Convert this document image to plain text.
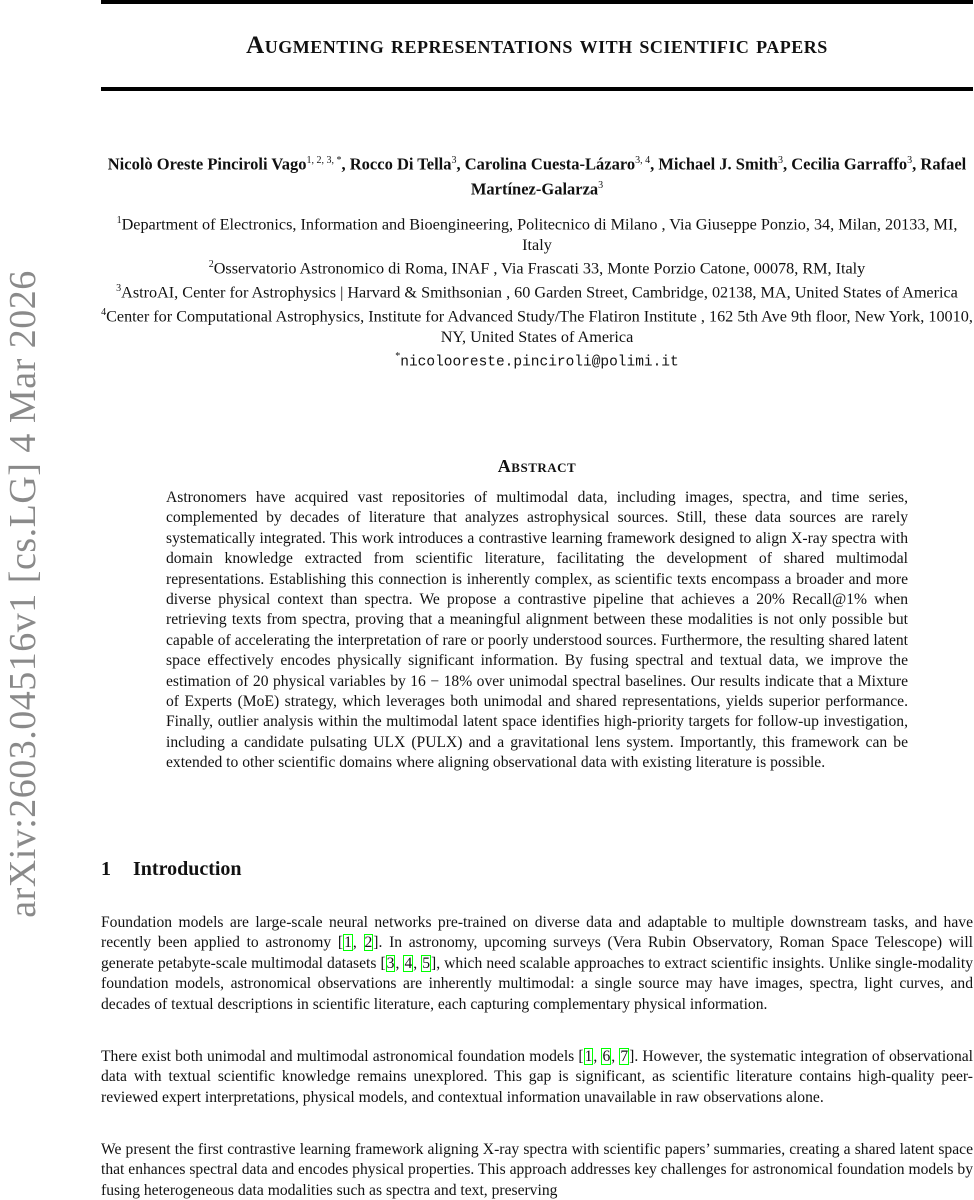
arXiv:2603.04516v1 [cs.LG] 4 Mar 2026
Augmenting representations with scientific papers
Nicolò Oreste Pinciroli Vago$^{1, 2, 3, *}$, Rocco Di Tella$^3$, Carolina Cuesta-Lázaro$^{3, 4}$, Michael J. Smith$^3$, Cecilia Garraffo$^3$, Rafael Martínez-Galarza$^3$
$^1$Department of Electronics, Information and Bioengineering, Politecnico di Milano , Via Giuseppe Ponzio, 34, Milan, 20133, MI, Italy
$^2$Osservatorio Astronomico di Roma, INAF , Via Frascati 33, Monte Porzio Catone, 00078, RM, Italy
$^3$AstroAI, Center for Astrophysics | Harvard & Smithsonian , 60 Garden Street, Cambridge, 02138, MA, United States of America
$^4$Center for Computational Astrophysics, Institute for Advanced Study/The Flatiron Institute , 162 5th Ave 9th floor, New York, 10010, NY, United States of America
*nicolooreste.pinciroli@polimi.it
Abstract
Astronomers have acquired vast repositories of multimodal data, including images, spectra, and time series, complemented by decades of literature that analyzes astrophysical sources. Still, these data sources are rarely systematically integrated. This work introduces a contrastive learning framework designed to align X-ray spectra with domain knowledge extracted from scientific literature, facilitating the development of shared multimodal representations. Establishing this connection is inherently complex, as scientific texts encompass a broader and more diverse physical context than spectra. We propose a contrastive pipeline that achieves a 20% Recall@1% when retrieving texts from spectra, proving that a meaningful alignment between these modalities is not only possible but capable of accelerating the interpretation of rare or poorly understood sources. Furthermore, the resulting shared latent space effectively encodes physically significant information. By fusing spectral and textual data, we improve the estimation of 20 physical variables by 16 − 18% over unimodal spectral baselines. Our results indicate that a Mixture of Experts (MoE) strategy, which leverages both unimodal and shared representations, yields superior performance. Finally, outlier analysis within the multimodal latent space identifies high-priority targets for follow-up investigation, including a candidate pulsating ULX (PULX) and a gravitational lens system. Importantly, this framework can be extended to other scientific domains where aligning observational data with existing literature is possible.
1 Introduction
Foundation models are large-scale neural networks pre-trained on diverse data and adaptable to multiple downstream tasks, and have recently been applied to astronomy [1, 2]. In astronomy, upcoming surveys (Vera Rubin Observatory, Roman Space Telescope) will generate petabyte-scale multimodal datasets [3, 4, 5], which need scalable approaches to extract scientific insights. Unlike single-modality foundation models, astronomical observations are inherently multimodal: a single source may have images, spectra, light curves, and decades of textual descriptions in scientific literature, each capturing complementary physical information.
There exist both unimodal and multimodal astronomical foundation models [1, 6, 7]. However, the systematic integration of observational data with textual scientific knowledge remains unexplored. This gap is significant, as scientific literature contains high-quality peer-reviewed expert interpretations, physical models, and contextual information unavailable in raw observations alone.
We present the first contrastive learning framework aligning X-ray spectra with scientific papers’ summaries, creating a shared latent space that enhances spectral data and encodes physical properties. This approach addresses key challenges for astronomical foundation models by fusing heterogeneous data modalities such as spectra and text, preserving
